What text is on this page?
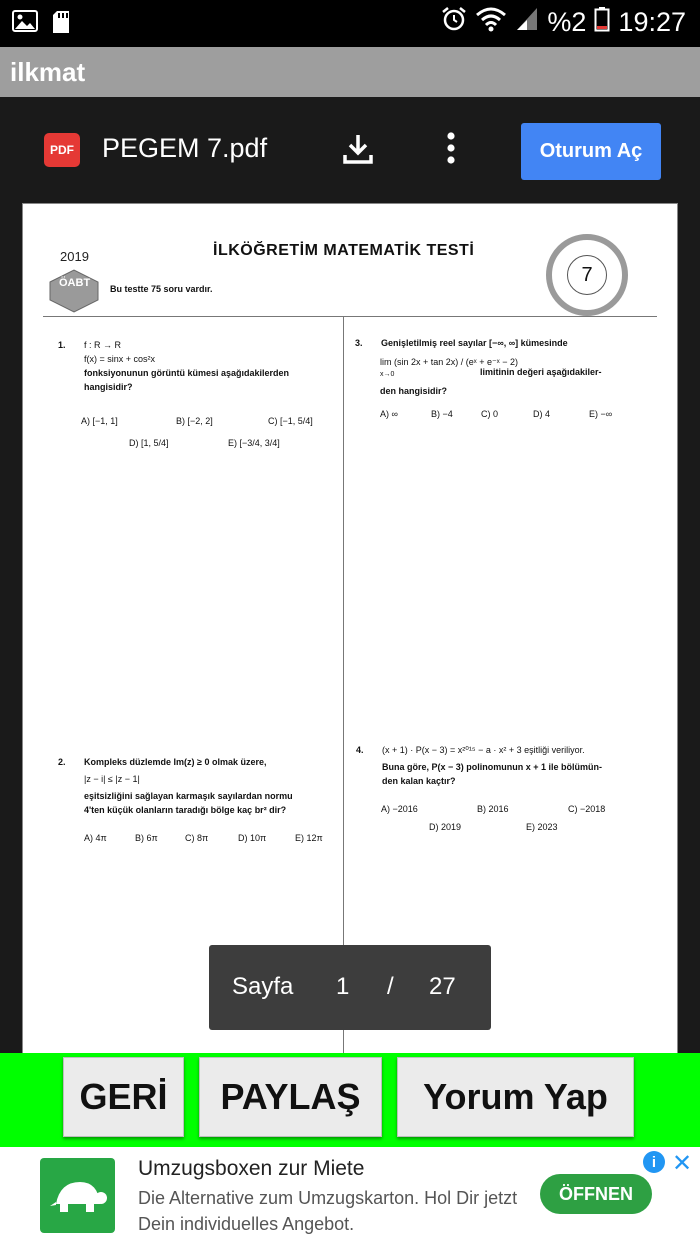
%2 19:27
ilkmat
PDF PEGEM 7.pdf	Oturum Aç
2019
ÖABT
İLKÖĞRETİM MATEMATİK TESTİ
Bu testte 75 soru vardır.
7
1. f : R → R
f(x) = sinx + cos²x
fonksiyonunun görüntü kümesi aşağıdakilerden
hangisidir?
A) [−1, 1]	B) [−2, 2]	C) [−1, 5/4]
D) [1, 5/4]	E) [−3/4, 3/4]
3. Genişletilmiş reel sayılar [−∞, ∞] kümesinde
lim (sin 2x + tan 2x) / (eˣ + e⁻ˣ − 2)
x→0	limitinin değeri aşağıdakiler-
den hangisidir?
A) ∞	B) −4	C) 0	D) 4	E) −∞
2. Kompleks düzlemde Im(z) ≥ 0 olmak üzere,
|z − i| ≤ |z − 1|
eşitsizliğini sağlayan karmaşık sayılardan normu
4'ten küçük olanların taradığı bölge kaç br² dir?
A) 4π	B) 6π	C) 8π	D) 10π	E) 12π
4. (x + 1) · P(x − 3) = x²⁰¹⁵ − a · x² + 3 eşitliği veriliyor.
Buna göre, P(x − 3) polinomunun x + 1 ile bölümün-
den kalan kaçtır?
A) −2016	B) 2016	C) −2018
D) 2019	E) 2023
Sayfa 1 / 27
GERİ	PAYLAŞ	Yorum Yap
Umzugsboxen zur Miete
Die Alternative zum Umzugskarton. Hol Dir jetzt Dein individuelles Angebot.
ÖFFNEN
i ✕
